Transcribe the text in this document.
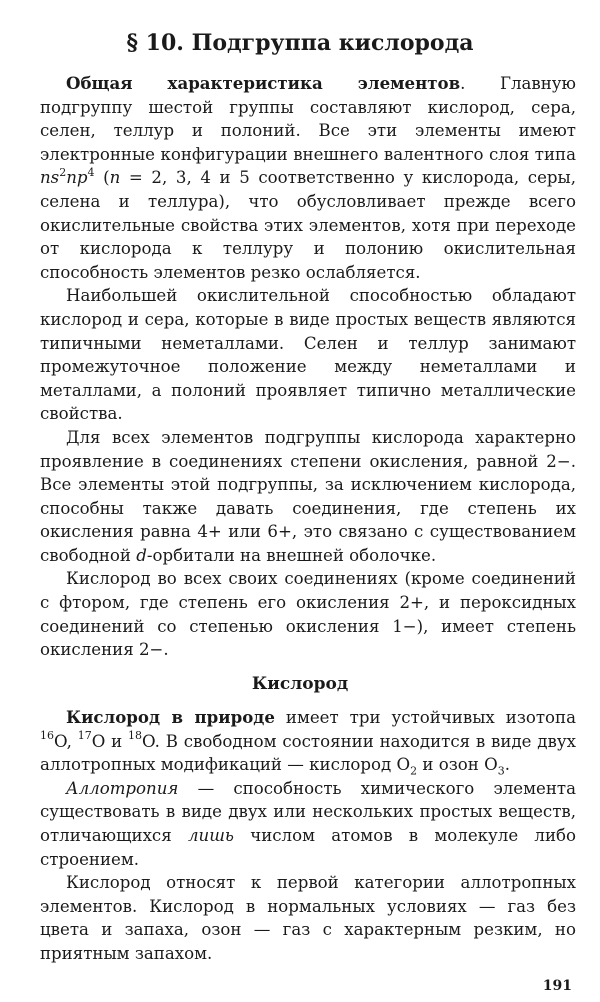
§ 10. Подгруппа кислорода

Общая характеристика элементов. Главную подгруппу шестой группы составляют кислород, сера, селен, теллур и полоний. Все эти элементы имеют электронные конфигурации внешнего валентного слоя типа $ns^2np^4$ (n = 2, 3, 4 и 5 соответственно у кислорода, серы, селена и теллура), что обусловливает прежде всего окислительные свойства этих элементов, хотя при переходе от кислорода к теллуру и полонию окислительная способность элементов резко ослабляется.

Наибольшей окислительной способностью обладают кислород и сера, которые в виде простых веществ являются типичными неметаллами. Селен и теллур занимают промежуточное положение между неметаллами и металлами, а полоний проявляет типично металлические свойства.

Для всех элементов подгруппы кислорода характерно проявление в соединениях степени окисления, равной 2−. Все элементы этой подгруппы, за исключением кислорода, способны также давать соединения, где степень их окисления равна 4+ или 6+, это связано с существованием свободной d-орбитали на внешней оболочке.

Кислород во всех своих соединениях (кроме соединений с фтором, где степень его окисления 2+, и пероксидных соединений со степенью окисления 1−), имеет степень окисления 2−.

Кислород

Кислород в природе имеет три устойчивых изотопа $^{16}$O, $^{17}$O и $^{18}$O. В свободном состоянии находится в виде двух аллотропных модификаций — кислород $O_2$ и озон $O_3$.

Аллотропия — способность химического элемента существовать в виде двух или нескольких простых веществ, отличающихся лишь числом атомов в молекуле либо строением.

Кислород относят к первой категории аллотропных элементов. Кислород в нормальных условиях — газ без цвета и запаха, озон — газ с характерным резким, но приятным запахом.

191
